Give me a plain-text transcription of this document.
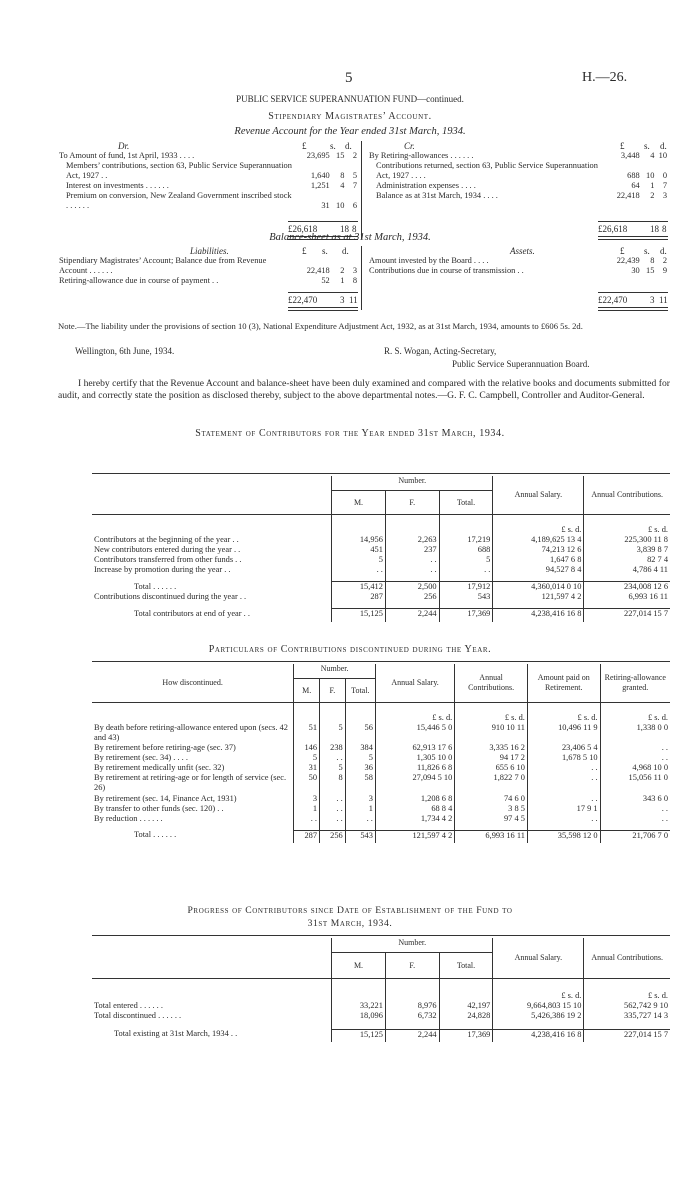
5	H.—26.
PUBLIC SERVICE SUPERANNUATION FUND—continued.
Stipendiary Magistrates’ Account.
Revenue Account for the Year ended 31st March, 1934.
Dr.	£	s. d.
To Amount of fund, 1st April, 1933 . . . .	23,695	15	2
Members’ contributions, section 63, Public Service Superannuation Act, 1927 . .	1,640	8	5
Interest on investments . . . . . .	1,251	4	7
Premium on conversion, New Zealand Government inscribed stock . . . . . .	31	10	6
£26,618	18 8
Cr.	£ s. d.
By Retiring-allowances . . . . . .	3,448	4	10
Contributions returned, section 63, Public Service Superannuation Act, 1927 . . . .	688	10	0
Administration expenses . . . .	64	1	7
Balance as at 31st March, 1934 . . . .	22,418	2	3
£26,618	18 8
Balance-sheet as at 31st March, 1934.
Liabilities.	£ s. d.
Stipendiary Magistrates’ Account; Balance due from Revenue Account . . . . . .	22,418	2	3
Retiring-allowance due in course of payment . .	52	1	8
£22,470	3 11
Assets.	£ s. d.
Amount invested by the Board . . . .	22,439	8	2
Contributions due in course of transmission . .	30	15	9
£22,470	3 11
Note.—The liability under the provisions of section 10 (3), National Expenditure Adjustment Act, 1932, as at 31st March, 1934, amounts to £606 5s. 2d.
Wellington, 6th June, 1934.	R. S. Wogan, Acting-Secretary,
Public Service Superannuation Board.
I hereby certify that the Revenue Account and balance-sheet have been duly examined and compared with the relative books and documents submitted for audit, and correctly state the position as disclosed thereby, subject to the above departmental notes.—G. F. C. Campbell, Controller and Auditor-General.
Statement of Contributors for the Year ended 31st March, 1934.
	Number.			Annual Salary.	Annual Contributions.
	M.	F.	Total.		
				£ s. d.	£ s. d.
Contributors at the beginning of the year . .	14,956	2,263	17,219	4,189,625 13 4	225,300 11 8
New contributors entered during the year . .	451	237	688	74,213 12 6	3,839 8 7
Contributors transferred from other funds . .	5	. .	5	1,647 6 8	82 7 4
Increase by promotion during the year . .	. .	. .	. .	94,527 8 4	4,786 4 11

Total . . . . . .	15,412	2,500	17,912	4,360,014 0 10	234,008 12 6
Contributions discontinued during the year . .	287	256	543	121,597 4 2	6,993 16 11

Total contributors at end of year . .	15,125	2,244	17,369	4,238,416 16 8	227,014 15 7
Particulars of Contributions discontinued during the Year.
How discontinued.	Number.			Annual Salary.	Annual Contributions.	Amount paid on Retirement.	Retiring-allowance granted.
	M.	F.	Total.				
				£ s. d.	£ s. d.	£ s. d.	£ s. d.
By death before retiring-allowance entered upon (secs. 42 and 43)	51	5	56	15,446 5 0	910 10 11	10,496 11 9	1,338 0 0
By retirement before retiring-age (sec. 37)	146	238	384	62,913 17 6	3,335 16 2	23,406 5 4	. .
By retirement (sec. 34) . . . .	5	. .	5	1,305 10 0	94 17 2	1,678 5 10	. .
By retirement medically unfit (sec. 32)	31	5	36	11,826 6 8	655 6 10	. .	4,968 10 0
By retirement at retiring-age or for length of service (sec. 26)	50	8	58	27,094 5 10	1,822 7 0	. .	15,056 11 0
By retirement (sec. 14, Finance Act, 1931)	3	. .	3	1,208 6 8	74 6 0	. .	343 6 0
By transfer to other funds (sec. 120) . .	1	. .	1	68 8 4	3 8 5	17 9 1	. .
By reduction . . . . . .	. .	. .	. .	1,734 4 2	97 4 5	. .	. .

Total . . . . . .	287	256	543	121,597 4 2	6,993 16 11	35,598 12 0	21,706 7 0
Progress of Contributors since Date of Establishment of the Fund to
31st March, 1934.
	Number.			Annual Salary.	Annual Contributions.
	M.	F.	Total.		
				£ s. d.	£ s. d.
Total entered . . . . . .	33,221	8,976	42,197	9,664,803 15 10	562,742 9 10
Total discontinued . . . . . .	18,096	6,732	24,828	5,426,386 19 2	335,727 14 3

Total existing at 31st March, 1934 . .	15,125	2,244	17,369	4,238,416 16 8	227,014 15 7
